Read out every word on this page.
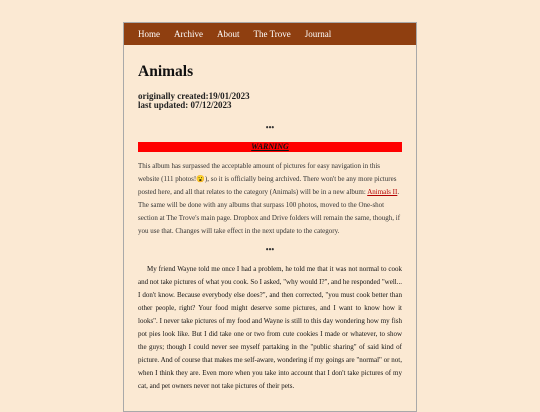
Home Archive About The Trove Journal
Animals
originally created:19/01/2023
last updated: 07/12/2023
•••
WARNING
This album has surpassed the acceptable amount of pictures for easy navigation in this website (111 photos!😮), so it is officially being archived. There won't be any more pictures posted here, and all that relates to the category (Animals) will be in a new album: Animals II. The same will be done with any albums that surpass 100 photos, moved to the One-shot section at The Trove's main page. Dropbox and Drive folders will remain the same, though, if you use that. Changes will take effect in the next update to the category.
•••
My friend Wayne told me once I had a problem, he told me that it was not normal to cook and not take pictures of what you cook. So I asked, "why would I?", and he responded "well... I don't know. Because everybody else does?", and then corrected, "you must cook better than other people, right? Your food might deserve some pictures, and I want to know how it looks". I never take pictures of my food and Wayne is still to this day wondering how my fish pot pies look like. But I did take one or two from cute cookies I made or whatever, to show the guys; though I could never see myself partaking in the "public sharing" of said kind of picture. And of course that makes me self-aware, wondering if my goings are "normal" or not, when I think they are. Even more when you take into account that I don't take pictures of my cat, and pet owners never not take pictures of their pets.
